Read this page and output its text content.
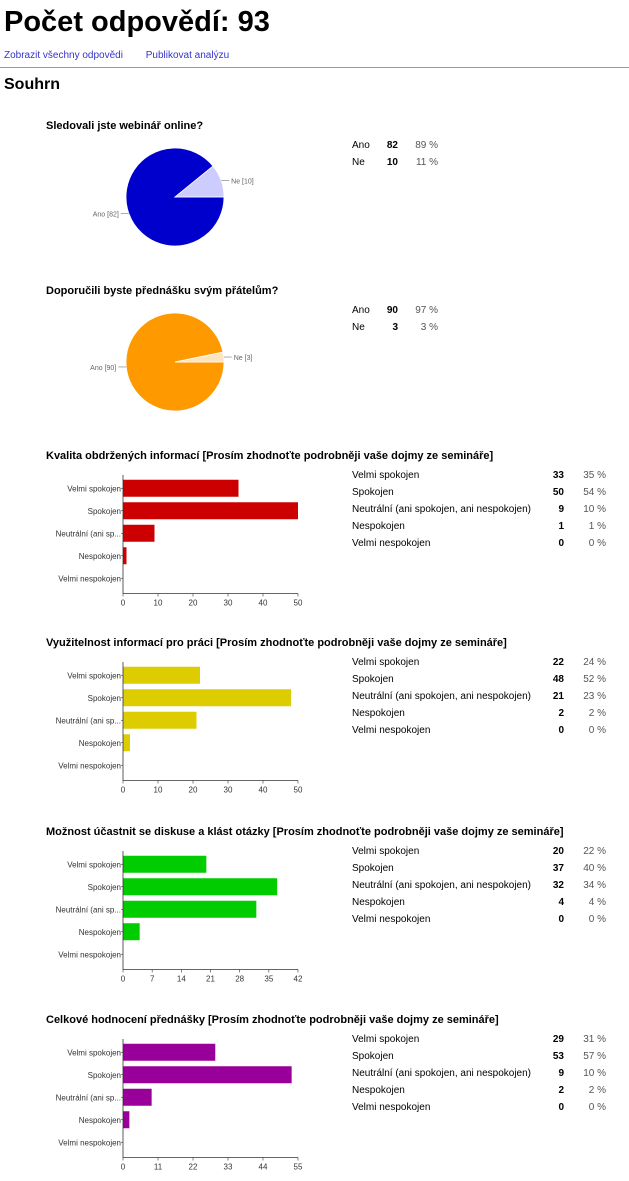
Počet odpovědí: 93
Zobrazit všechny odpovědi Publikovat analýzu
Souhrn
Sledovali jste webinář online?
Ne [10]
Ano [82]
Ano	82	89 %
Ne	10	11 %
Doporučili byste přednášku svým přátelům?
Ne [3]
Ano [90]
Ano	90	97 %
Ne	3	3 %
Kvalita obdržených informací [Prosím zhodnoťte podrobněji vaše dojmy ze semináře]
Velmi spokojen
Spokojen
Neutrální (ani sp...
Nespokojen
Velmi nespokojen
0	10	20	30	40	50
Velmi spokojen	33	35 %
Spokojen	50	54 %
Neutrální (ani spokojen, ani nespokojen)	9	10 %
Nespokojen	1	1 %
Velmi nespokojen	0	0 %
Využitelnost informací pro práci [Prosím zhodnoťte podrobněji vaše dojmy ze semináře]
Velmi spokojen
Spokojen
Neutrální (ani sp...
Nespokojen
Velmi nespokojen
0	10	20	30	40	50
Velmi spokojen	22	24 %
Spokojen	48	52 %
Neutrální (ani spokojen, ani nespokojen)	21	23 %
Nespokojen	2	2 %
Velmi nespokojen	0	0 %
Možnost účastnit se diskuse a klást otázky [Prosím zhodnoťte podrobněji vaše dojmy ze semináře]
Velmi spokojen
Spokojen
Neutrální (ani sp...
Nespokojen
Velmi nespokojen
0	7	14	21	28	35	42
Velmi spokojen	20	22 %
Spokojen	37	40 %
Neutrální (ani spokojen, ani nespokojen)	32	34 %
Nespokojen	4	4 %
Velmi nespokojen	0	0 %
Celkové hodnocení přednášky [Prosím zhodnoťte podrobněji vaše dojmy ze semináře]
Velmi spokojen
Spokojen
Neutrální (ani sp...
Nespokojen
Velmi nespokojen
0	11	22	33	44	55
Velmi spokojen	29	31 %
Spokojen	53	57 %
Neutrální (ani spokojen, ani nespokojen)	9	10 %
Nespokojen	2	2 %
Velmi nespokojen	0	0 %
